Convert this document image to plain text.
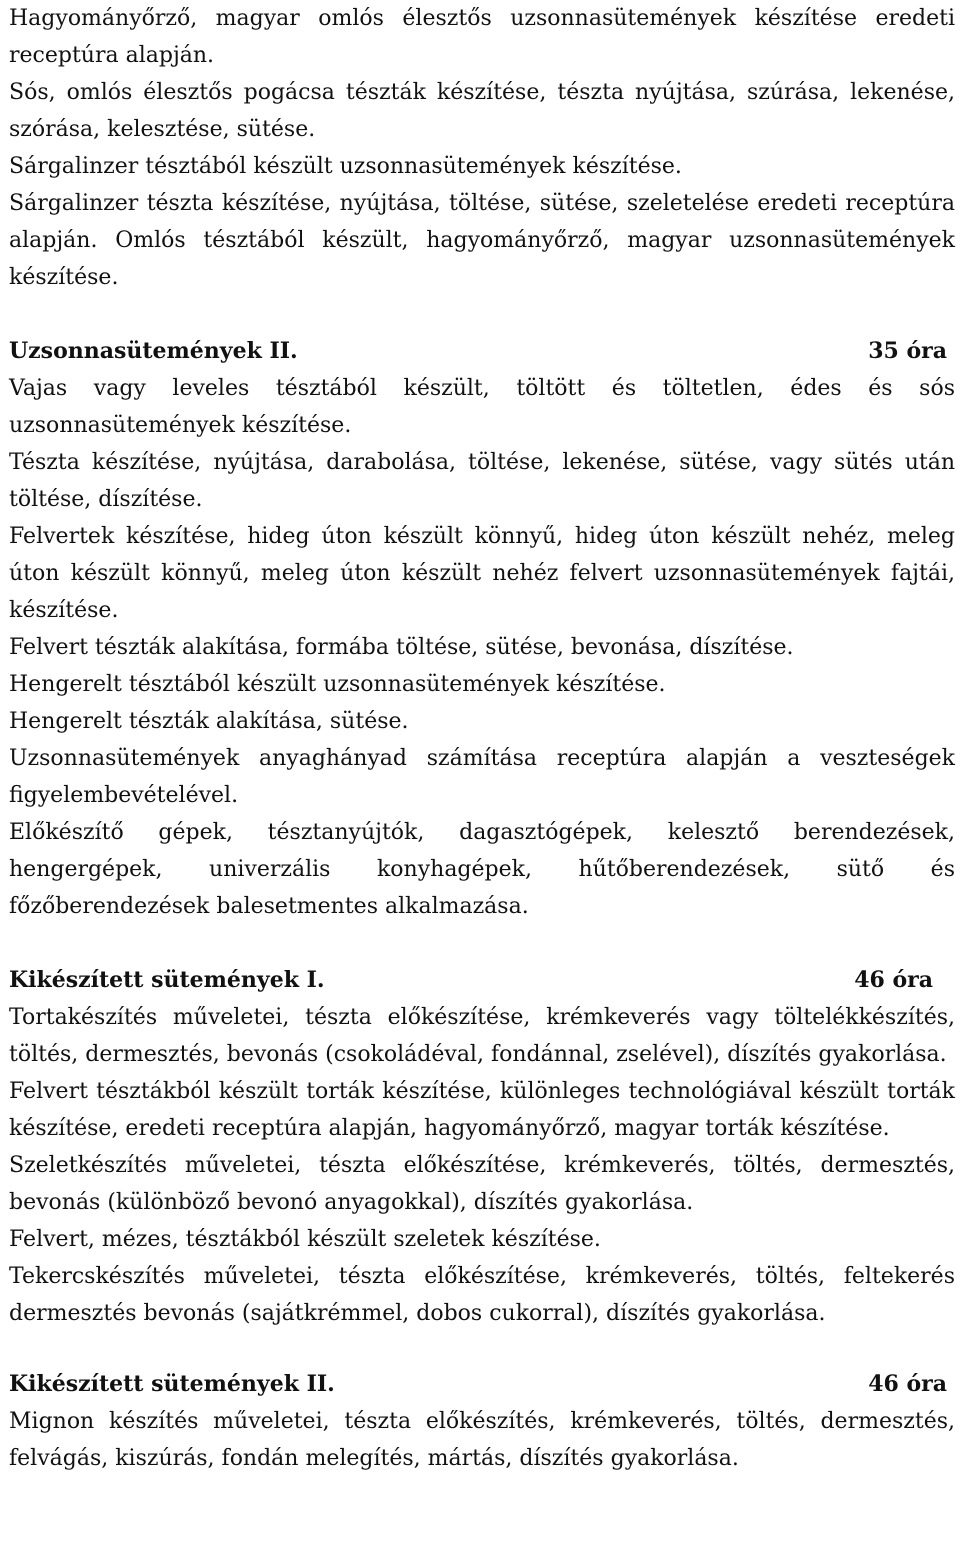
Hagyományőrző, magyar omlós élesztős uzsonnasütemények készítése eredeti receptúra alapján.

Sós, omlós élesztős pogácsa tészták készítése, tészta nyújtása, szúrása, lekenése, szórása, kelesztése, sütése.

Sárgalinzer tésztából készült uzsonnasütemények készítése.

Sárgalinzer tészta készítése, nyújtása, töltése, sütése, szeletelése eredeti receptúra alapján. Omlós tésztából készült, hagyományőrző, magyar uzsonnasütemények készítése.

Uzsonnasütemények II.	35 óra

Vajas vagy leveles tésztából készült, töltött és töltetlen, édes és sós uzsonnasütemények készítése.

Tészta készítése, nyújtása, darabolása, töltése, lekenése, sütése, vagy sütés után töltése, díszítése.

Felvertek készítése, hideg úton készült könnyű, hideg úton készült nehéz, meleg úton készült könnyű, meleg úton készült nehéz felvert uzsonnasütemények fajtái, készítése.

Felvert tészták alakítása, formába töltése, sütése, bevonása, díszítése.

Hengerelt tésztából készült uzsonnasütemények készítése.

Hengerelt tészták alakítása, sütése.

Uzsonnasütemények anyaghányad számítása receptúra alapján a veszteségek figyelembevételével.

Előkészítő gépek, tésztanyújtók, dagasztógépek, kelesztő berendezések, hengergépek, univerzális konyhagépek, hűtőberendezések, sütő és főzőberendezések balesetmentes alkalmazása.

Kikészített sütemények I.	46 óra

Tortakészítés műveletei, tészta előkészítése, krémkeverés vagy töltelékkészítés, töltés, dermesztés, bevonás (csokoládéval, fondánnal, zselével), díszítés gyakorlása.

Felvert tésztákból készült torták készítése, különleges technológiával készült torták készítése, eredeti receptúra alapján, hagyományőrző, magyar torták készítése.

Szeletkészítés műveletei, tészta előkészítése, krémkeverés, töltés, dermesztés, bevonás (különböző bevonó anyagokkal), díszítés gyakorlása.

Felvert, mézes, tésztákból készült szeletek készítése.

Tekercskészítés műveletei, tészta előkészítése, krémkeverés, töltés, feltekerés dermesztés bevonás (sajátkrémmel, dobos cukorral), díszítés gyakorlása.

Kikészített sütemények II.	46 óra

Mignon készítés műveletei, tészta előkészítés, krémkeverés, töltés, dermesztés, felvágás, kiszúrás, fondán melegítés, mártás, díszítés gyakorlása.
